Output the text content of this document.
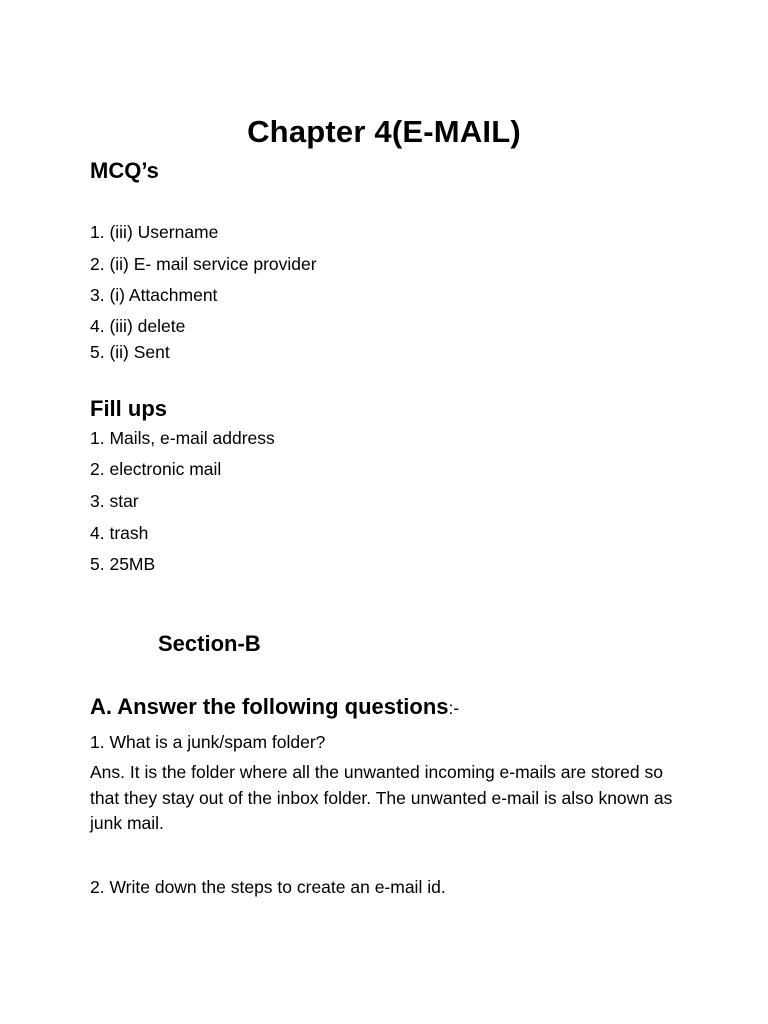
Chapter 4(E-MAIL)
MCQ’s
1. (iii) Username
2. (ii) E- mail service provider
3. (i) Attachment
4. (iii) delete
5. (ii) Sent
Fill ups
1. Mails, e-mail address
2. electronic mail
3. star
4. trash
5. 25MB
Section-B
A. Answer the following questions:-
1. What is a junk/spam folder?
Ans. It is the folder where all the unwanted incoming e-mails are stored so that they stay out of the inbox folder. The unwanted e-mail is also known as junk mail.
2. Write down the steps to create an e-mail id.
